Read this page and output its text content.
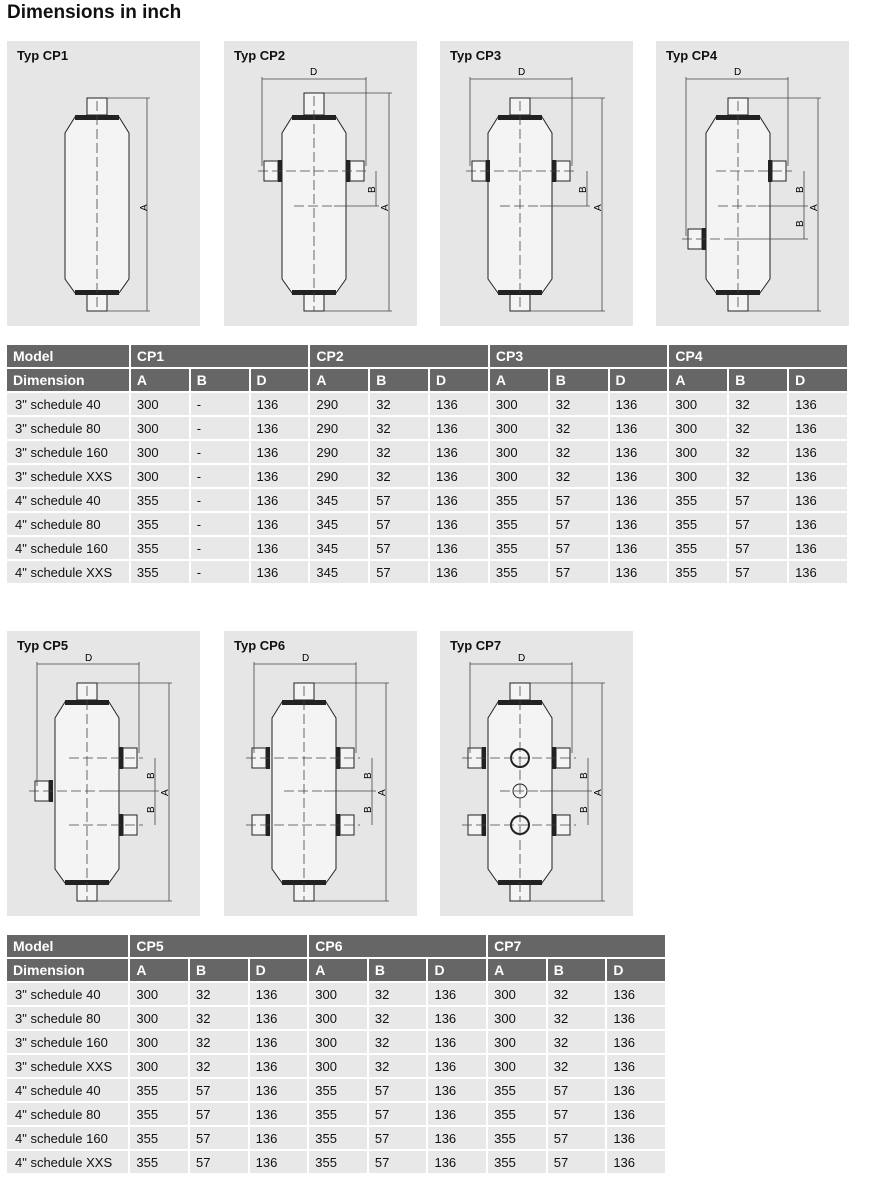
Dimensions in inch
Typ CP1
A
Typ CP2
D
A
B
Typ CP3
D
A
B
Typ CP4
D
A
B
B
Model	CP1			CP2			CP3			CP4		
Dimension	A	B	D	A	B	D	A	B	D	A	B	D
3" schedule 40	300	-	136	290	32	136	300	32	136	300	32	136
3" schedule 80	300	-	136	290	32	136	300	32	136	300	32	136
3" schedule 160	300	-	136	290	32	136	300	32	136	300	32	136
3" schedule XXS	300	-	136	290	32	136	300	32	136	300	32	136
4" schedule 40	355	-	136	345	57	136	355	57	136	355	57	136
4" schedule 80	355	-	136	345	57	136	355	57	136	355	57	136
4" schedule 160	355	-	136	345	57	136	355	57	136	355	57	136
4" schedule XXS	355	-	136	345	57	136	355	57	136	355	57	136
Typ CP5
D
A
B
B
Typ CP6
D
A
B
B
Typ CP7
D
A
B
B
Model	CP5			CP6			CP7		
Dimension	A	B	D	A	B	D	A	B	D
3" schedule 40	300	32	136	300	32	136	300	32	136
3" schedule 80	300	32	136	300	32	136	300	32	136
3" schedule 160	300	32	136	300	32	136	300	32	136
3" schedule XXS	300	32	136	300	32	136	300	32	136
4" schedule 40	355	57	136	355	57	136	355	57	136
4" schedule 80	355	57	136	355	57	136	355	57	136
4" schedule 160	355	57	136	355	57	136	355	57	136
4" schedule XXS	355	57	136	355	57	136	355	57	136
